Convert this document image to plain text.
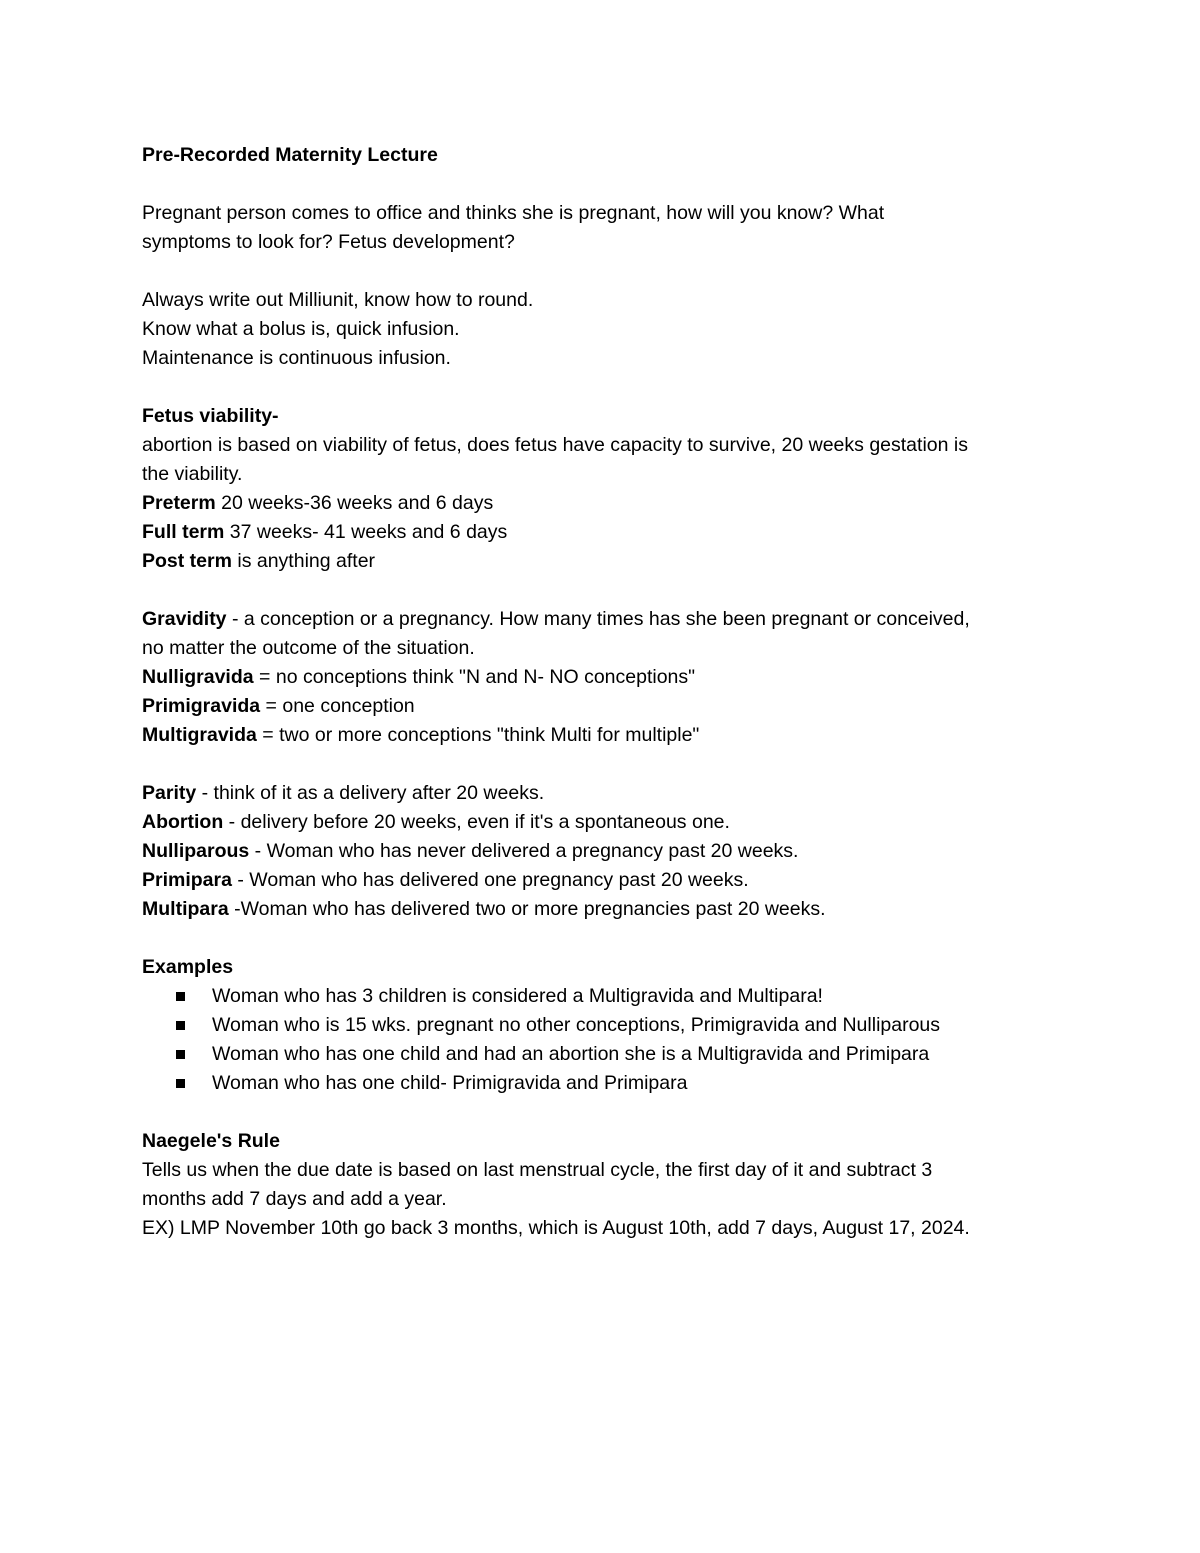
Pre-Recorded Maternity Lecture

Pregnant person comes to office and thinks she is pregnant, how will you know? What

symptoms to look for? Fetus development?

Always write out Milliunit, know how to round.

Know what a bolus is, quick infusion.

Maintenance is continuous infusion.

Fetus viability-

abortion is based on viability of fetus, does fetus have capacity to survive, 20 weeks gestation is

the viability.

Preterm 20 weeks-36 weeks and 6 days

Full term 37 weeks- 41 weeks and 6 days

Post term is anything after

Gravidity - a conception or a pregnancy. How many times has she been pregnant or conceived,

no matter the outcome of the situation.

Nulligravida = no conceptions think "N and N- NO conceptions"

Primigravida = one conception

Multigravida = two or more conceptions "think Multi for multiple"

Parity - think of it as a delivery after 20 weeks.

Abortion - delivery before 20 weeks, even if it's a spontaneous one.

Nulliparous - Woman who has never delivered a pregnancy past 20 weeks.

Primipara - Woman who has delivered one pregnancy past 20 weeks.

Multipara -Woman who has delivered two or more pregnancies past 20 weeks.

Examples

Woman who has 3 children is considered a Multigravida and Multipara!
Woman who is 15 wks. pregnant no other conceptions, Primigravida and Nulliparous
Woman who has one child and had an abortion she is a Multigravida and Primipara
Woman who has one child- Primigravida and Primipara

Naegele's Rule

Tells us when the due date is based on last menstrual cycle, the first day of it and subtract 3

months add 7 days and add a year.

EX) LMP November 10th go back 3 months, which is August 10th, add 7 days, August 17, 2024.
